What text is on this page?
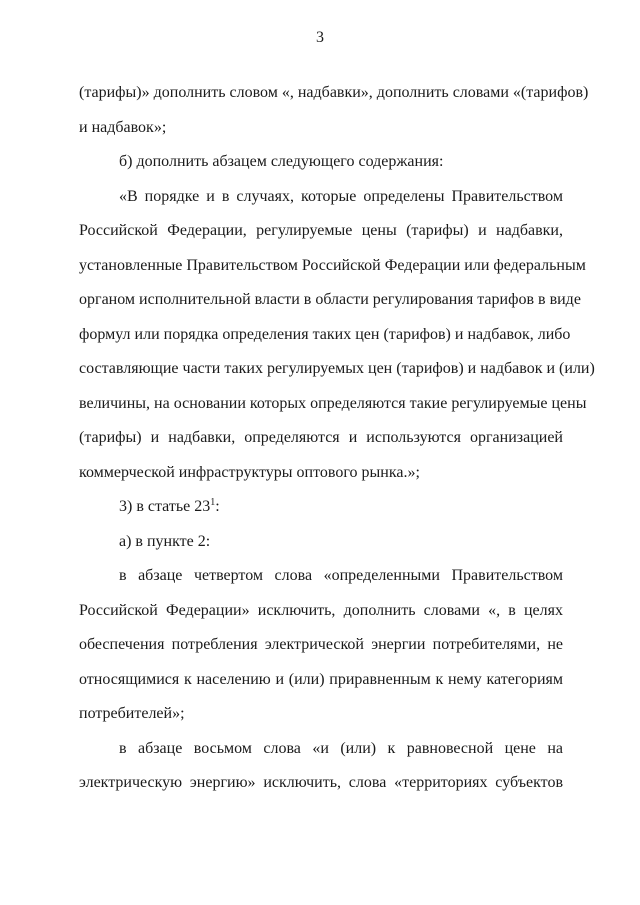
3
(тарифы)» дополнить словом «, надбавки», дополнить словами «(тарифов)
и надбавок»;
б) дополнить абзацем следующего содержания:
«В порядке и в случаях, которые определены Правительством
Российской Федерации, регулируемые цены (тарифы) и надбавки,
установленные Правительством Российской Федерации или федеральным
органом исполнительной власти в области регулирования тарифов в виде
формул или порядка определения таких цен (тарифов) и надбавок, либо
составляющие части таких регулируемых цен (тарифов) и надбавок и (или)
величины, на основании которых определяются такие регулируемые цены
(тарифы) и надбавки, определяются и используются организацией
коммерческой инфраструктуры оптового рынка.»;
3) в статье $23^1$:
а) в пункте 2:
в абзаце четвертом слова «определенными Правительством
Российской Федерации» исключить, дополнить словами «, в целях
обеспечения потребления электрической энергии потребителями, не
относящимися к населению и (или) приравненным к нему категориям
потребителей»;
в абзаце восьмом слова «и (или) к равновесной цене на
электрическую энергию» исключить, слова «территориях субъектов
